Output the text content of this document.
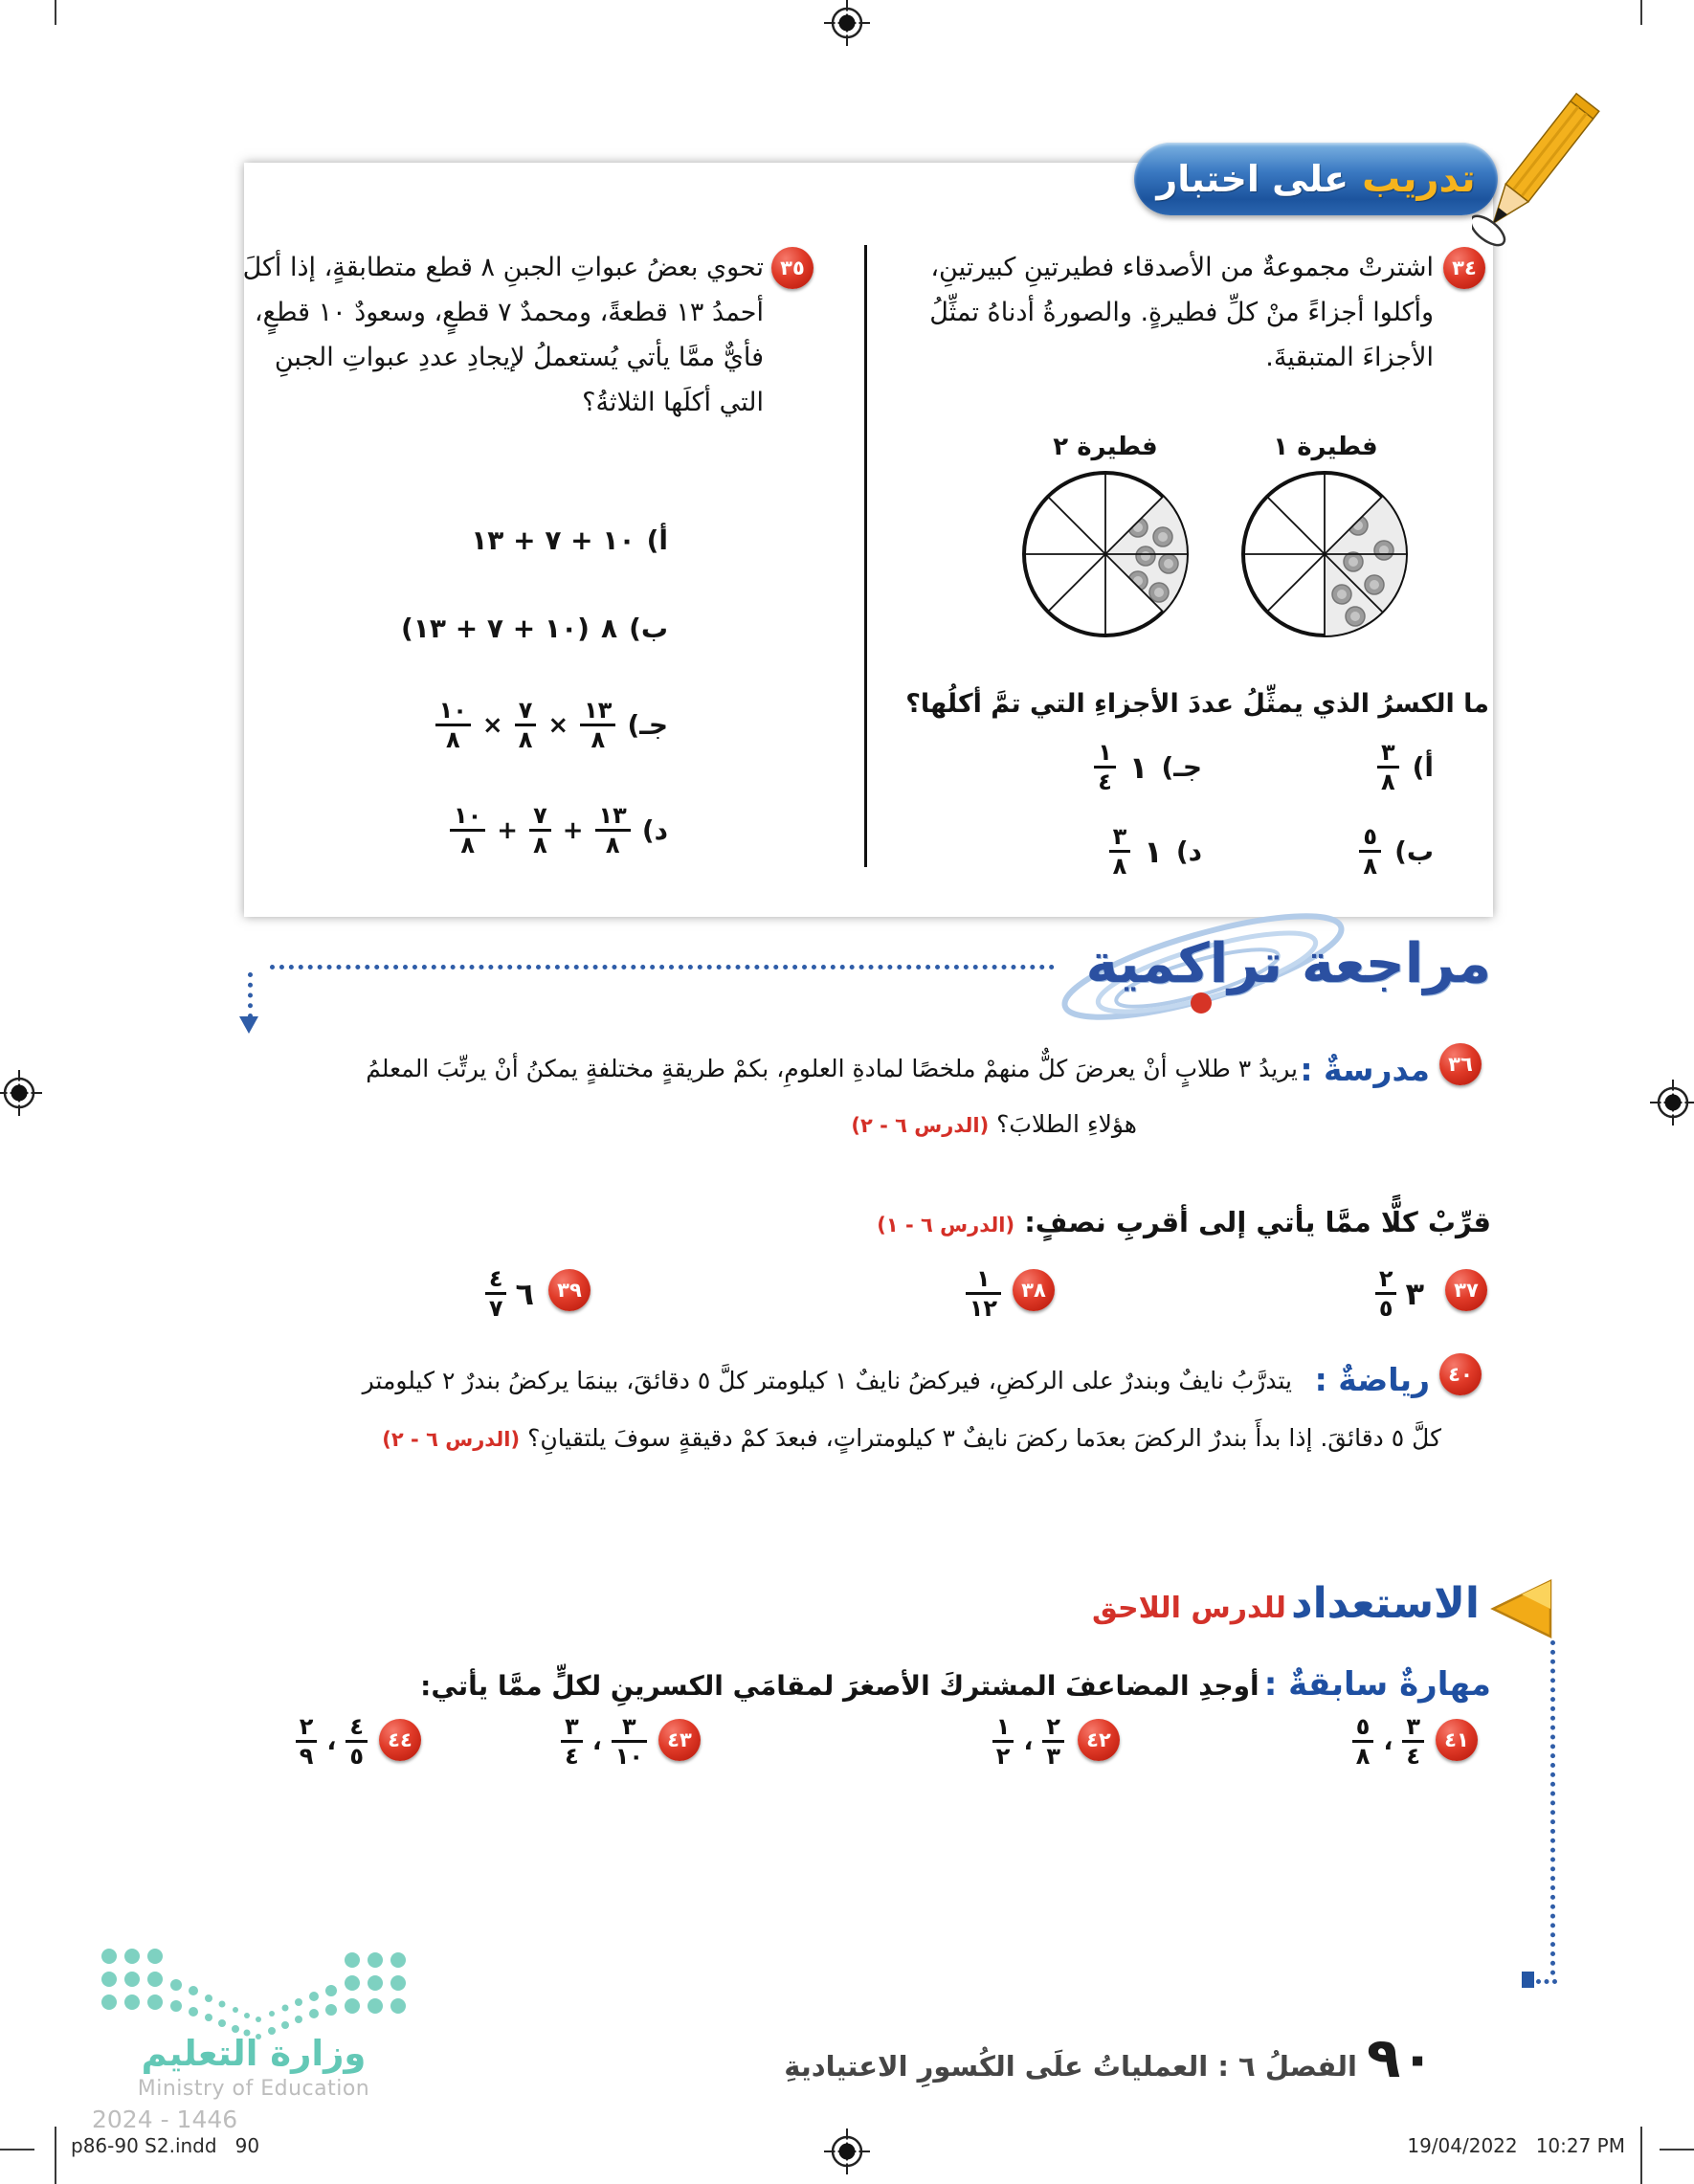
تدريب
على اختبار
٣٤
اشترتْ مجموعةٌ من الأصدقاء فطيرتينِ كبيرتينِ، وأكلوا أجزاءً منْ كلِّ فطيرةٍ. والصورةُ أدناهُ تمثِّلُ الأجزاءَ المتبقيةَ.
فطيرة ١
فطيرة ٢
ما الكسرُ الذي يمثِّلُ عددَ الأجزاءِ التي تمَّ أكلُها؟
أ)
$\frac{٣}{٨}$
ب)
$\frac{٥}{٨}$
جـ)
١
$\frac{١}{٤}$
د)
١
$\frac{٣}{٨}$
٣٥
تحوي بعضُ عبواتِ الجبنِ ٨ قطع متطابقةٍ، إذا أكلَ أحمدُ ١٣ قطعةً، ومحمدٌ ٧ قطعٍ، وسعودٌ ١٠ قطعٍ، فأيٌّ ممَّا يأتي يُستعملُ لإيجادِ عددِ عبواتِ الجبنِ التي أكلَها الثلاثةُ؟
أ)
١٠ + ٧ + ١٣
ب)
٨
(١٠ + ٧ + ١٣)
جـ)
$\frac{١٣}{٨}$
×
$\frac{٧}{٨}$
×
$\frac{١٠}{٨}$
د)
$\frac{١٣}{٨}$
+
$\frac{٧}{٨}$
+
$\frac{١٠}{٨}$
مراجعة تراكمية
٣٦
مدرسةٌ :
يريدُ ٣ طلابٍ أنْ يعرضَ كلٌّ منهمْ ملخصًا لمادةِ العلومِ، بكمْ طريقةٍ مختلفةٍ يمكنُ أنْ يرتِّبَ المعلمُ
هؤلاءِ الطلابَ؟ (الدرس ٦ - ٢)
قرِّبْ كلًّا ممَّا يأتي إلى أقربِ نصفٍ: (الدرس ٦ - ١)
٣٧
٣
$\frac{٢}{٥}$
٣٨
$\frac{١}{١٢}$
٣٩
٦
$\frac{٤}{٧}$
٤٠
رياضةٌ :
يتدرَّبُ نايفٌ وبندرٌ على الركضِ، فيركضُ نايفٌ ١ كيلومتر كلَّ ٥ دقائقَ، بينمَا يركضُ بندرٌ ٢ كيلومتر
كلَّ ٥ دقائقَ. إذا بدأَ بندرٌ الركضَ بعدَما ركضَ نايفٌ ٣ كيلومتراتٍ، فبعدَ كمْ دقيقةٍ سوفَ يلتقيانِ؟ (الدرس ٦ - ٢)
الاستعداد للدرس اللاحق
مهارةٌ سابقةٌ : أوجدِ المضاعفَ المشتركَ الأصغرَ لمقامَي الكسرينِ لكلٍّ ممَّا يأتي:
٤١
$\frac{٣}{٤}$
،
$\frac{٥}{٨}$
٤٢
$\frac{٢}{٣}$
،
$\frac{١}{٢}$
٤٣
$\frac{٣}{١٠}$
،
$\frac{٣}{٤}$
٤٤
$\frac{٤}{٥}$
،
$\frac{٢}{٩}$
وزارة التعليم
Ministry of Education
2024 - 1446
٩٠
الفصلُ ٦ : العملياتُ علَى الكُسورِ الاعتياديةِ
p86-90 S2.indd   90	19/04/2022   10:27 PM
